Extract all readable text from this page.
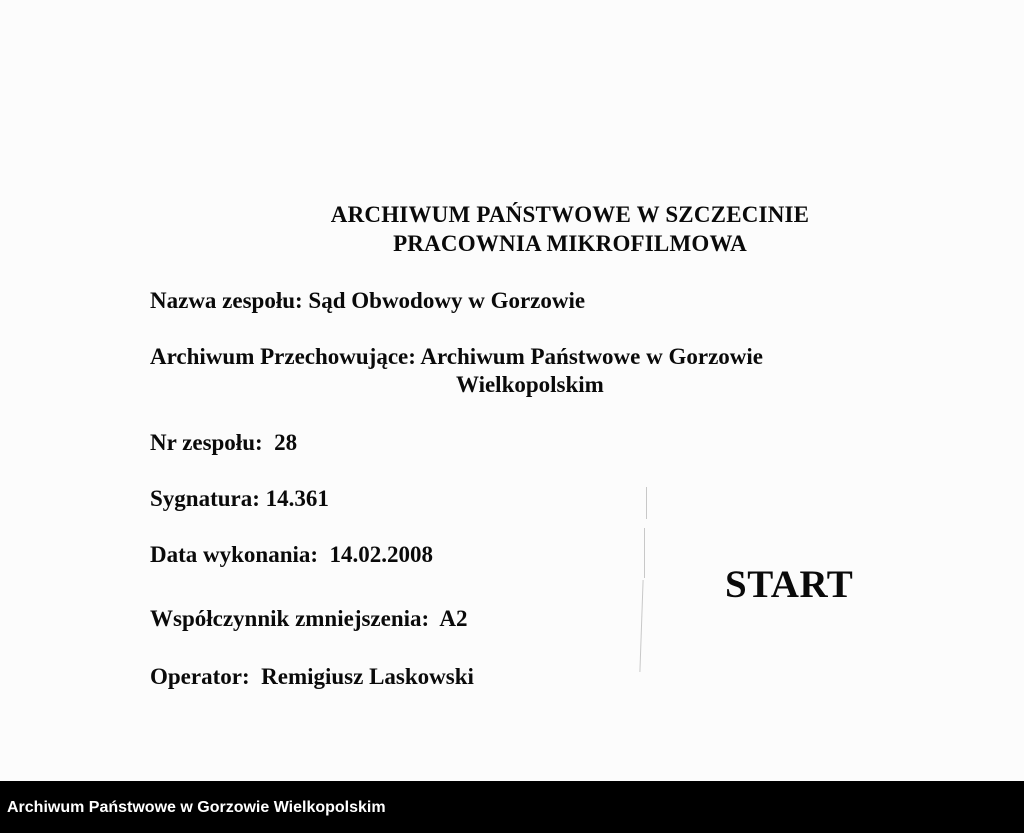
ARCHIWUM PAŃSTWOWE W SZCZECINIE
PRACOWNIA MIKROFILMOWA
Nazwa zespołu: Sąd Obwodowy w Gorzowie
Archiwum Przechowujące: Archiwum Państwowe w Gorzowie
Wielkopolskim
Nr zespołu:  28
Sygnatura: 14.361
Data wykonania:  14.02.2008
Współczynnik zmniejszenia:  A2
Operator:  Remigiusz Laskowski
START
Archiwum Państwowe w Gorzowie Wielkopolskim
